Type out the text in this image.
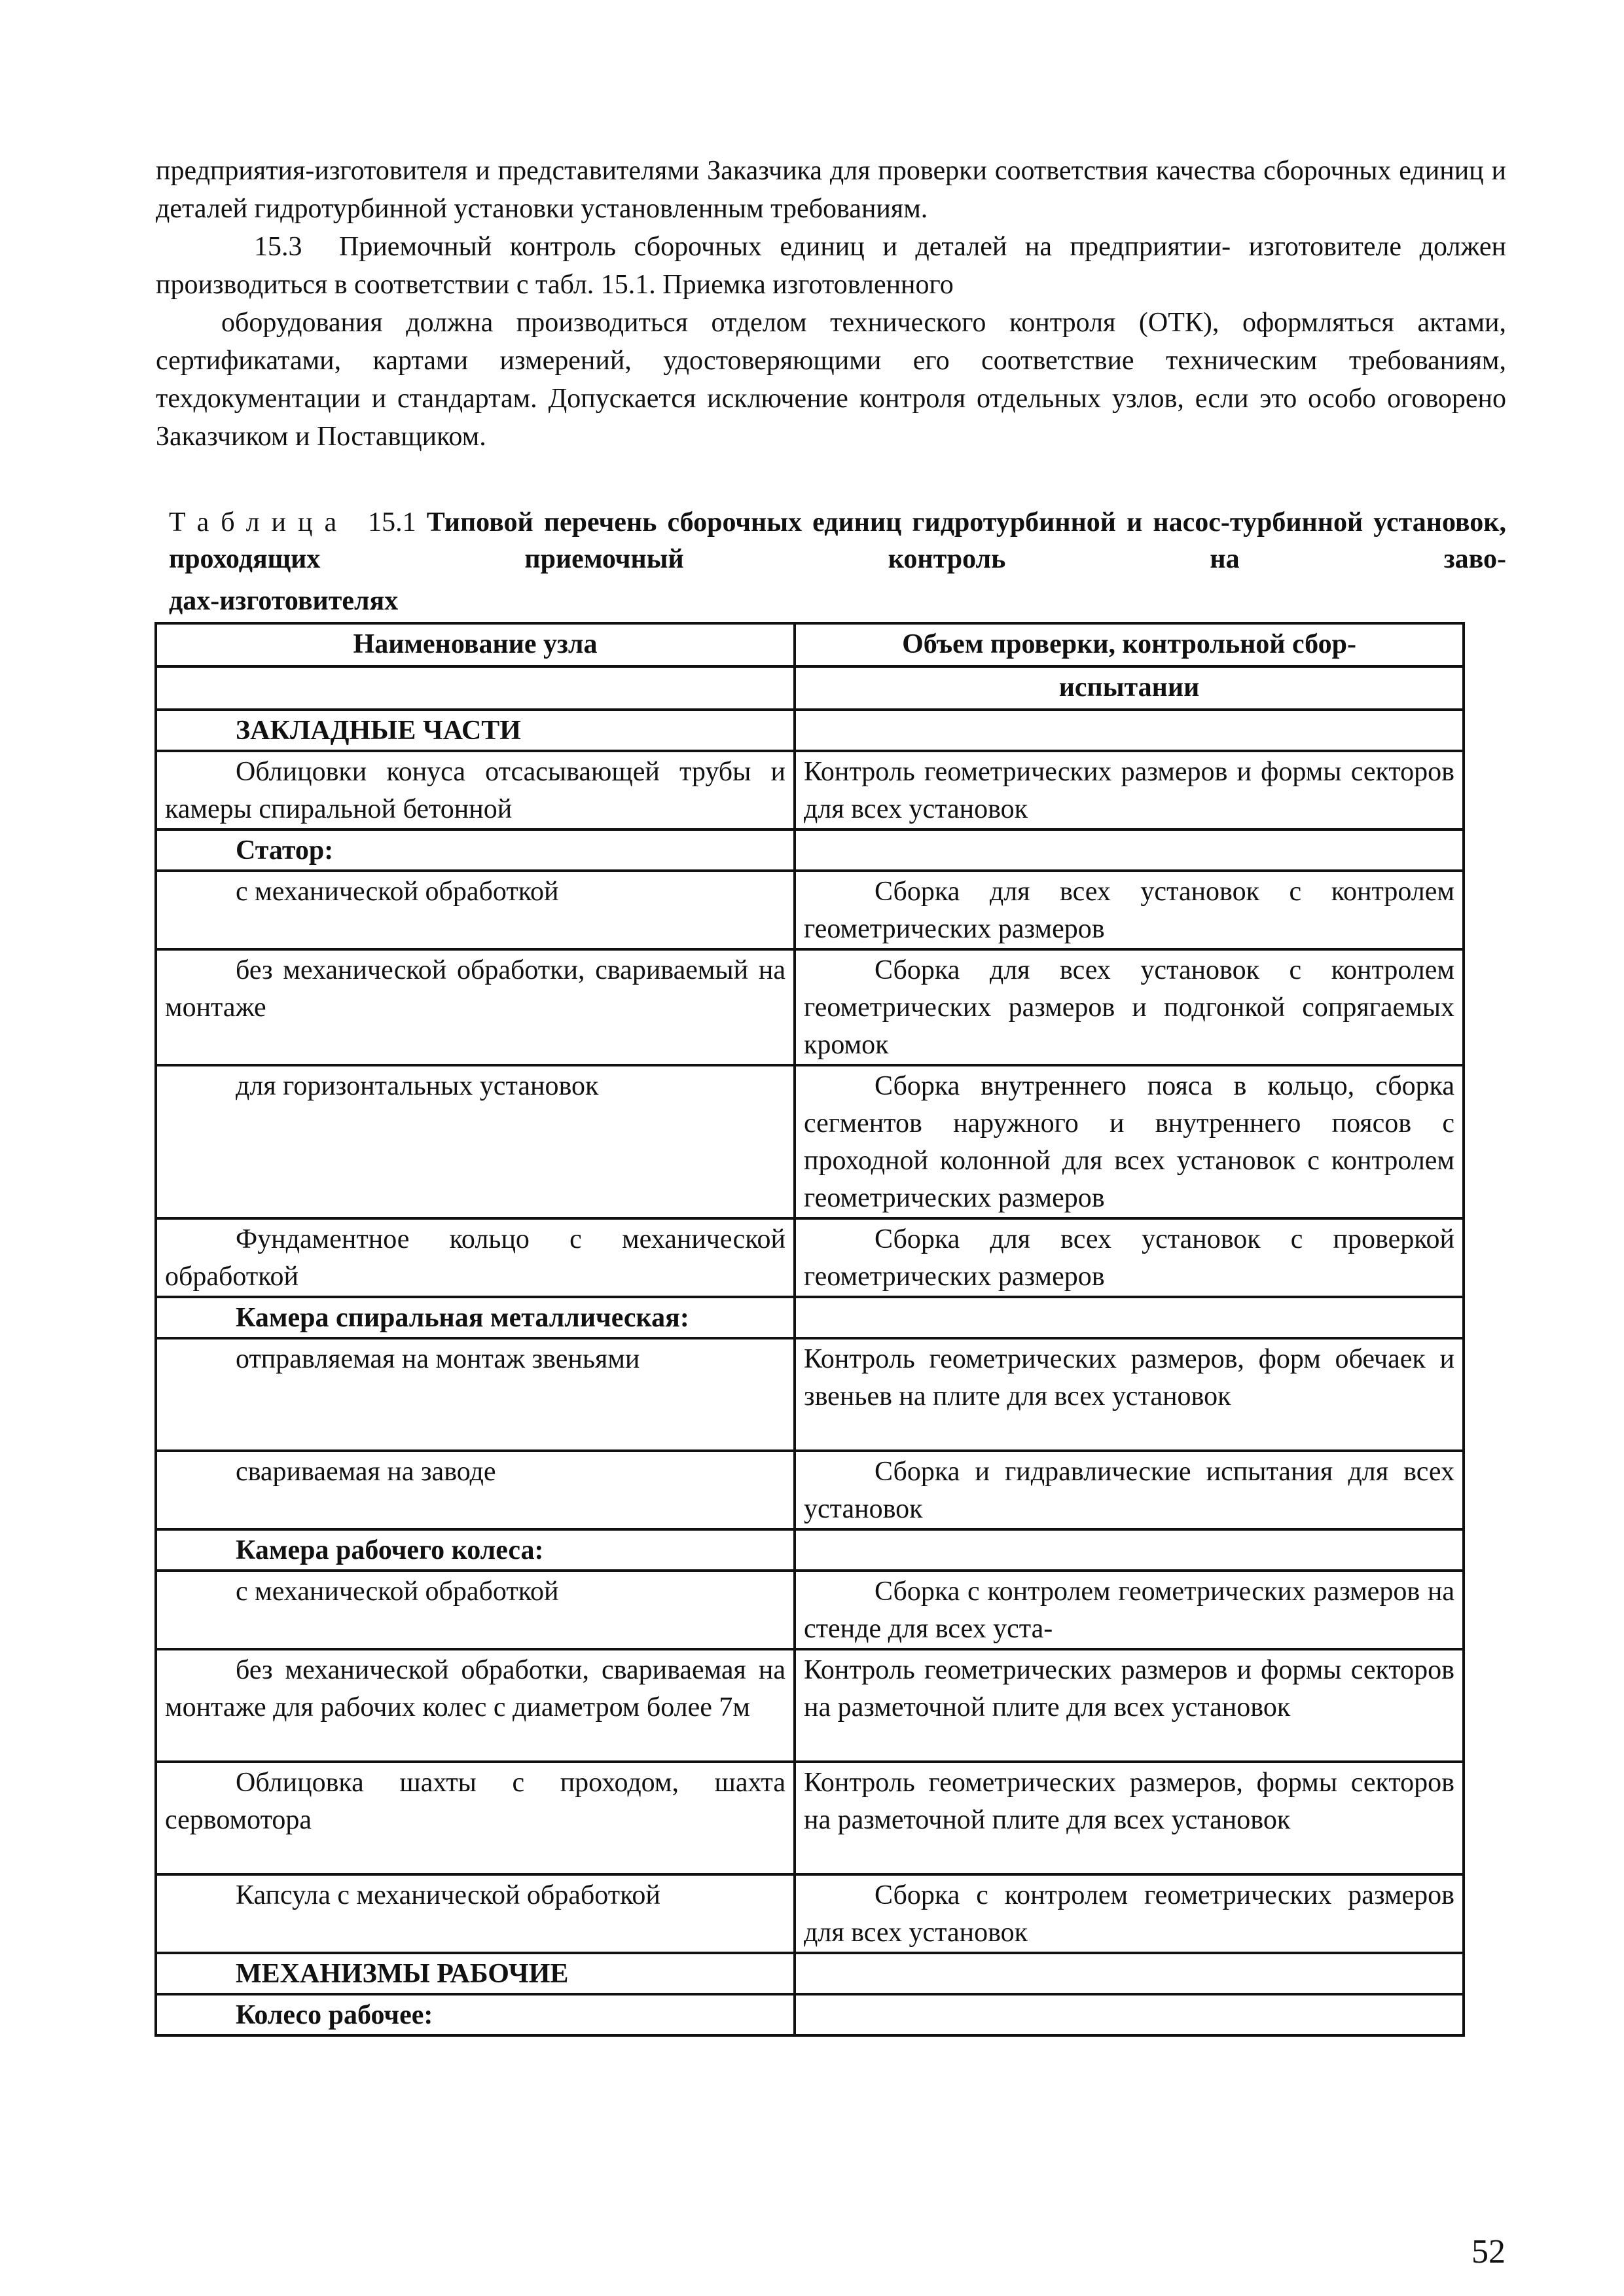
предприятия-изготовителя и представителями Заказчика для проверки соответствия качества сборочных единиц и деталей гидротурбинной установки установленным требованиям.

15.3 Приемочный контроль сборочных единиц и деталей на предприятии- изготовителе должен производиться в соответствии с табл. 15.1. Приемка изготовленного

оборудования должна производиться отделом технического контроля (ОТК), оформляться актами, сертификатами, картами измерений, удостоверяющими его соответствие техническим требованиям, техдокументации и стандартам. Допускается исключение контроля отдельных узлов, если это особо оговорено Заказчиком и Поставщиком.

Таблица 15.1 Типовой перечень сборочных единиц гидротурбинной и насос-турбинной установок, проходящих приемочный контроль на заво-
дах-изготовителях
Наименование узла	Объем проверки, контрольной сбор-
	испытании
ЗАКЛАДНЫЕ ЧАСТИ	
Облицовки конуса отсасывающей трубы и камеры спиральной бетонной	Контроль геометрических размеров и формы секторов для всех установок
Статор:	
с механической обработкой	Сборка для всех установок с контролем геометрических размеров
без механической обработки, свариваемый на монтаже	Сборка для всех установок с контролем геометрических размеров и подгонкой сопрягаемых кромок
для горизонтальных установок	Сборка внутреннего пояса в кольцо, сборка сегментов наружного и внутреннего поясов с проходной колонной для всех установок с контролем геометрических размеров
Фундаментное кольцо с механической обработкой	Сборка для всех установок с проверкой геометрических размеров
Камера спиральная металлическая:	
отправляемая на монтаж звеньями	Контроль геометрических размеров, форм обечаек и звеньев на плите для всех установок
свариваемая на заводе	Сборка и гидравлические испытания для всех установок
Камера рабочего колеса:	
с механической обработкой	Сборка с контролем геометрических размеров на стенде для всех уста-
без механической обработки, свариваемая на монтаже для рабочих колес с диаметром более 7м	Контроль геометрических размеров и формы секторов на разметочной плите для всех установок
Облицовка шахты с проходом, шахта сервомотора	Контроль геометрических размеров, формы секторов на разметочной плите для всех установок
Капсула с механической обработкой	Сборка с контролем геометрических размеров для всех установок
МЕХАНИЗМЫ РАБОЧИЕ	
Колесо рабочее:	
52
